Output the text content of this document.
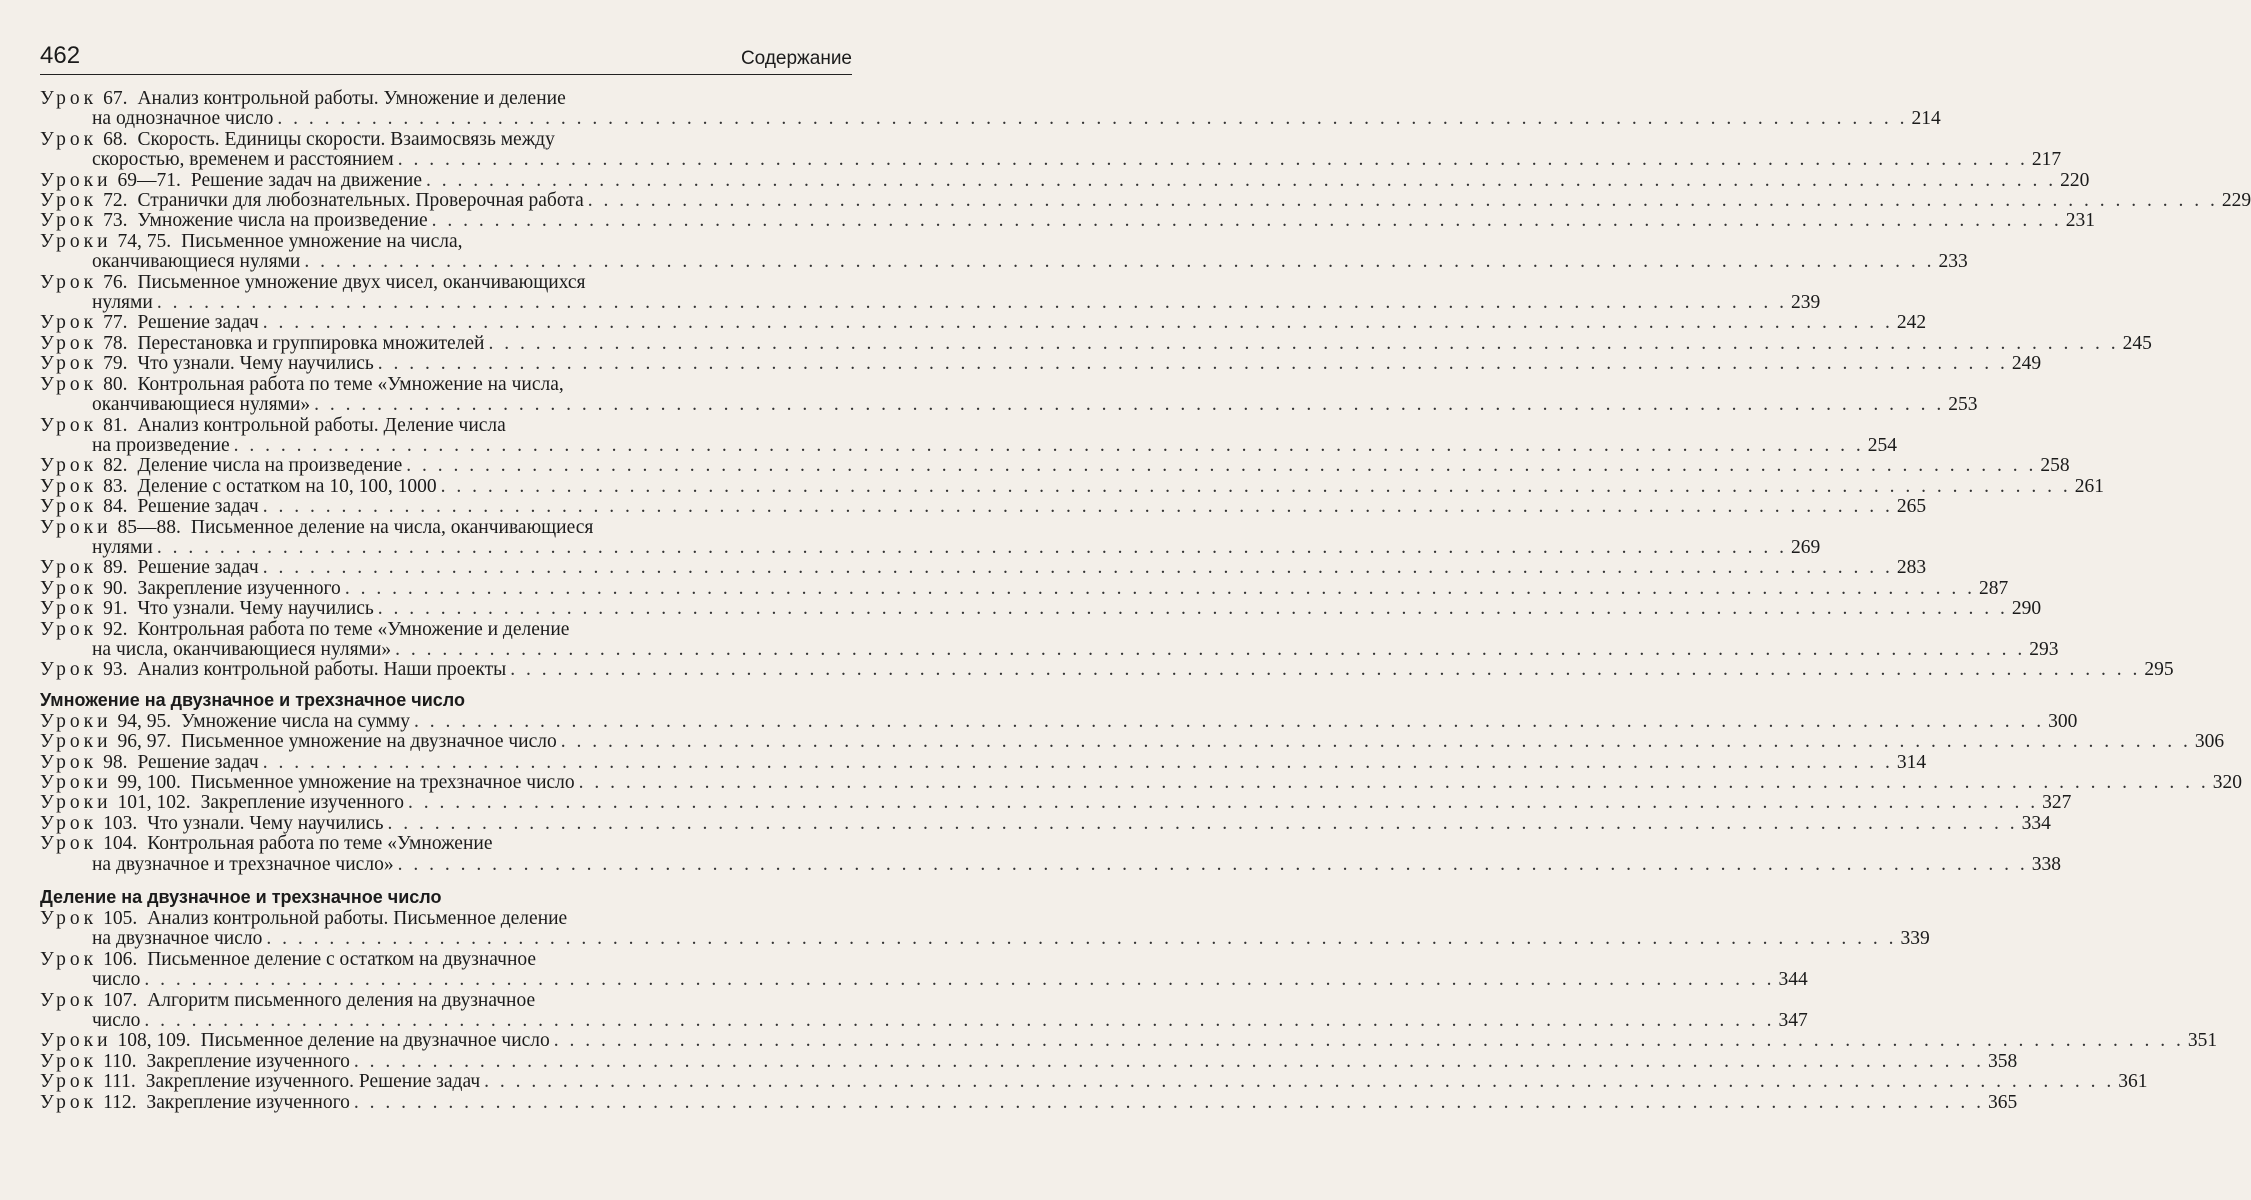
462	Содержание
Урок 67. Анализ контрольной работы. Умножение и деление
на однозначное число . . . . . . . . . . . . . . . . . . . . . . . . . . . . . . . . . . . . . . . . . . . . . . . . . . . . . . . . . . . . . . . . . . . . . . . . . . . . . . . . . . . . . . . . . . . . . . . . . . . . . . . . 214
Урок 68. Скорость. Единицы скорости. Взаимосвязь между
скоростью, временем и расстоянием . . . . . . . . . . . . . . . . . . . . . . . . . . . . . . . . . . . . . . . . . . . . . . . . . . . . . . . . . . . . . . . . . . . . . . . . . . . . . . . . . . . . . . . . . . . . . . . . . . . . . . . . 217
Уроки 69—71. Решение задач на движение . . . . . . . . . . . . . . . . . . . . . . . . . . . . . . . . . . . . . . . . . . . . . . . . . . . . . . . . . . . . . . . . . . . . . . . . . . . . . . . . . . . . . . . . . . . . . . . . . . . . . . . . 220
Урок 72. Странички для любознательных. Проверочная работа . . . . . . . . . . . . . . . . . . . . . . . . . . . . . . . . . . . . . . . . . . . . . . . . . . . . . . . . . . . . . . . . . . . . . . . . . . . . . . . . . . . . . . . . . . . . . . . . . . . . . . . . 229
Урок 73. Умножение числа на произведение . . . . . . . . . . . . . . . . . . . . . . . . . . . . . . . . . . . . . . . . . . . . . . . . . . . . . . . . . . . . . . . . . . . . . . . . . . . . . . . . . . . . . . . . . . . . . . . . . . . . . . . . 231
Уроки 74, 75. Письменное умножение на числа,
оканчивающиеся нулями . . . . . . . . . . . . . . . . . . . . . . . . . . . . . . . . . . . . . . . . . . . . . . . . . . . . . . . . . . . . . . . . . . . . . . . . . . . . . . . . . . . . . . . . . . . . . . . . . . . . . . . . 233
Урок 76. Письменное умножение двух чисел, оканчивающихся
нулями . . . . . . . . . . . . . . . . . . . . . . . . . . . . . . . . . . . . . . . . . . . . . . . . . . . . . . . . . . . . . . . . . . . . . . . . . . . . . . . . . . . . . . . . . . . . . . . . . . . . . . . . 239
Урок 77. Решение задач . . . . . . . . . . . . . . . . . . . . . . . . . . . . . . . . . . . . . . . . . . . . . . . . . . . . . . . . . . . . . . . . . . . . . . . . . . . . . . . . . . . . . . . . . . . . . . . . . . . . . . . . 242
Урок 78. Перестановка и группировка множителей . . . . . . . . . . . . . . . . . . . . . . . . . . . . . . . . . . . . . . . . . . . . . . . . . . . . . . . . . . . . . . . . . . . . . . . . . . . . . . . . . . . . . . . . . . . . . . . . . . . . . . . . 245
Урок 79. Что узнали. Чему научились . . . . . . . . . . . . . . . . . . . . . . . . . . . . . . . . . . . . . . . . . . . . . . . . . . . . . . . . . . . . . . . . . . . . . . . . . . . . . . . . . . . . . . . . . . . . . . . . . . . . . . . . 249
Урок 80. Контрольная работа по теме «Умножение на числа,
оканчивающиеся нулями» . . . . . . . . . . . . . . . . . . . . . . . . . . . . . . . . . . . . . . . . . . . . . . . . . . . . . . . . . . . . . . . . . . . . . . . . . . . . . . . . . . . . . . . . . . . . . . . . . . . . . . . . 253
Урок 81. Анализ контрольной работы. Деление числа
на произведение . . . . . . . . . . . . . . . . . . . . . . . . . . . . . . . . . . . . . . . . . . . . . . . . . . . . . . . . . . . . . . . . . . . . . . . . . . . . . . . . . . . . . . . . . . . . . . . . . . . . . . . . 254
Урок 82. Деление числа на произведение . . . . . . . . . . . . . . . . . . . . . . . . . . . . . . . . . . . . . . . . . . . . . . . . . . . . . . . . . . . . . . . . . . . . . . . . . . . . . . . . . . . . . . . . . . . . . . . . . . . . . . . . 258
Урок 83. Деление с остатком на 10, 100, 1000 . . . . . . . . . . . . . . . . . . . . . . . . . . . . . . . . . . . . . . . . . . . . . . . . . . . . . . . . . . . . . . . . . . . . . . . . . . . . . . . . . . . . . . . . . . . . . . . . . . . . . . . . 261
Урок 84. Решение задач . . . . . . . . . . . . . . . . . . . . . . . . . . . . . . . . . . . . . . . . . . . . . . . . . . . . . . . . . . . . . . . . . . . . . . . . . . . . . . . . . . . . . . . . . . . . . . . . . . . . . . . . 265
Уроки 85—88. Письменное деление на числа, оканчивающиеся
нулями . . . . . . . . . . . . . . . . . . . . . . . . . . . . . . . . . . . . . . . . . . . . . . . . . . . . . . . . . . . . . . . . . . . . . . . . . . . . . . . . . . . . . . . . . . . . . . . . . . . . . . . . 269
Урок 89. Решение задач . . . . . . . . . . . . . . . . . . . . . . . . . . . . . . . . . . . . . . . . . . . . . . . . . . . . . . . . . . . . . . . . . . . . . . . . . . . . . . . . . . . . . . . . . . . . . . . . . . . . . . . . 283
Урок 90. Закрепление изученного . . . . . . . . . . . . . . . . . . . . . . . . . . . . . . . . . . . . . . . . . . . . . . . . . . . . . . . . . . . . . . . . . . . . . . . . . . . . . . . . . . . . . . . . . . . . . . . . . . . . . . . . 287
Урок 91. Что узнали. Чему научились . . . . . . . . . . . . . . . . . . . . . . . . . . . . . . . . . . . . . . . . . . . . . . . . . . . . . . . . . . . . . . . . . . . . . . . . . . . . . . . . . . . . . . . . . . . . . . . . . . . . . . . . 290
Урок 92. Контрольная работа по теме «Умножение и деление
на числа, оканчивающиеся нулями» . . . . . . . . . . . . . . . . . . . . . . . . . . . . . . . . . . . . . . . . . . . . . . . . . . . . . . . . . . . . . . . . . . . . . . . . . . . . . . . . . . . . . . . . . . . . . . . . . . . . . . . . 293
Урок 93. Анализ контрольной работы. Наши проекты . . . . . . . . . . . . . . . . . . . . . . . . . . . . . . . . . . . . . . . . . . . . . . . . . . . . . . . . . . . . . . . . . . . . . . . . . . . . . . . . . . . . . . . . . . . . . . . . . . . . . . . . 295
Умножение на двузначное и трехзначное число
Уроки 94, 95. Умножение числа на сумму . . . . . . . . . . . . . . . . . . . . . . . . . . . . . . . . . . . . . . . . . . . . . . . . . . . . . . . . . . . . . . . . . . . . . . . . . . . . . . . . . . . . . . . . . . . . . . . . . . . . . . . . 300
Уроки 96, 97. Письменное умножение на двузначное число . . . . . . . . . . . . . . . . . . . . . . . . . . . . . . . . . . . . . . . . . . . . . . . . . . . . . . . . . . . . . . . . . . . . . . . . . . . . . . . . . . . . . . . . . . . . . . . . . . . . . . . . 306
Урок 98. Решение задач . . . . . . . . . . . . . . . . . . . . . . . . . . . . . . . . . . . . . . . . . . . . . . . . . . . . . . . . . . . . . . . . . . . . . . . . . . . . . . . . . . . . . . . . . . . . . . . . . . . . . . . . 314
Уроки 99, 100. Письменное умножение на трехзначное число . . . . . . . . . . . . . . . . . . . . . . . . . . . . . . . . . . . . . . . . . . . . . . . . . . . . . . . . . . . . . . . . . . . . . . . . . . . . . . . . . . . . . . . . . . . . . . . . . . . . . . . . 320
Уроки 101, 102. Закрепление изученного . . . . . . . . . . . . . . . . . . . . . . . . . . . . . . . . . . . . . . . . . . . . . . . . . . . . . . . . . . . . . . . . . . . . . . . . . . . . . . . . . . . . . . . . . . . . . . . . . . . . . . . . 327
Урок 103. Что узнали. Чему научились . . . . . . . . . . . . . . . . . . . . . . . . . . . . . . . . . . . . . . . . . . . . . . . . . . . . . . . . . . . . . . . . . . . . . . . . . . . . . . . . . . . . . . . . . . . . . . . . . . . . . . . . 334
Урок 104. Контрольная работа по теме «Умножение
на двузначное и трехзначное число» . . . . . . . . . . . . . . . . . . . . . . . . . . . . . . . . . . . . . . . . . . . . . . . . . . . . . . . . . . . . . . . . . . . . . . . . . . . . . . . . . . . . . . . . . . . . . . . . . . . . . . . . 338
Деление на двузначное и трехзначное число
Урок 105. Анализ контрольной работы. Письменное деление
на двузначное число . . . . . . . . . . . . . . . . . . . . . . . . . . . . . . . . . . . . . . . . . . . . . . . . . . . . . . . . . . . . . . . . . . . . . . . . . . . . . . . . . . . . . . . . . . . . . . . . . . . . . . . . 339
Урок 106. Письменное деление с остатком на двузначное
число . . . . . . . . . . . . . . . . . . . . . . . . . . . . . . . . . . . . . . . . . . . . . . . . . . . . . . . . . . . . . . . . . . . . . . . . . . . . . . . . . . . . . . . . . . . . . . . . . . . . . . . . 344
Урок 107. Алгоритм письменного деления на двузначное
число . . . . . . . . . . . . . . . . . . . . . . . . . . . . . . . . . . . . . . . . . . . . . . . . . . . . . . . . . . . . . . . . . . . . . . . . . . . . . . . . . . . . . . . . . . . . . . . . . . . . . . . . 347
Уроки 108, 109. Письменное деление на двузначное число . . . . . . . . . . . . . . . . . . . . . . . . . . . . . . . . . . . . . . . . . . . . . . . . . . . . . . . . . . . . . . . . . . . . . . . . . . . . . . . . . . . . . . . . . . . . . . . . . . . . . . . . 351
Урок 110. Закрепление изученного . . . . . . . . . . . . . . . . . . . . . . . . . . . . . . . . . . . . . . . . . . . . . . . . . . . . . . . . . . . . . . . . . . . . . . . . . . . . . . . . . . . . . . . . . . . . . . . . . . . . . . . . 358
Урок 111. Закрепление изученного. Решение задач . . . . . . . . . . . . . . . . . . . . . . . . . . . . . . . . . . . . . . . . . . . . . . . . . . . . . . . . . . . . . . . . . . . . . . . . . . . . . . . . . . . . . . . . . . . . . . . . . . . . . . . . 361
Урок 112. Закрепление изученного . . . . . . . . . . . . . . . . . . . . . . . . . . . . . . . . . . . . . . . . . . . . . . . . . . . . . . . . . . . . . . . . . . . . . . . . . . . . . . . . . . . . . . . . . . . . . . . . . . . . . . . . 365
